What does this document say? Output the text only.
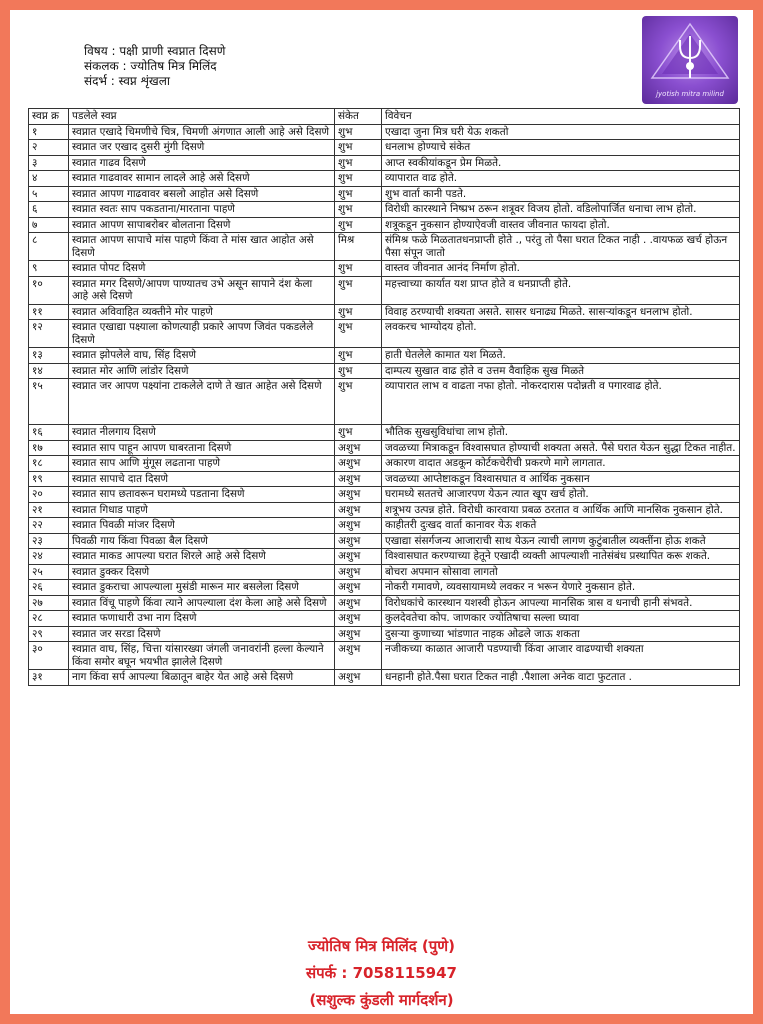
विषय : पक्षी प्राणी स्वप्नात दिसणे
संकलक : ज्योतिष मित्र मिलिंद
संदर्भ : स्वप्न शृंखला
jyotish mitra milind
स्वप्न क्र	पडलेले स्वप्न	संकेत	विवेचन
१	स्वप्नात एखादे चिमणीचे चित्र, चिमणी अंगणात आली आहे असे दिसणे	शुभ	एखादा जुना मित्र घरी येऊ शकतो
२	स्वप्नात जर एखाद दुसरी मुंगी दिसणे	शुभ	धनलाभ होण्याचे संकेत
३	स्वप्नात गाढव दिसणे	शुभ	आप्त स्वकीयांकडून प्रेम मिळते.
४	स्वप्नात गाढवावर सामान लादले आहे असे दिसणे	शुभ	व्यापारात वाढ होते.
५	स्वप्नात आपण गाढवावर बसलो आहोत असे दिसणे	शुभ	शुभ वार्ता कानी पडते.
६	स्वप्नात स्वतः साप पकडताना/मारताना पाहणे	शुभ	विरोधी कारस्थाने निष्प्रभ ठरून शत्रूवर विजय होतो. वडिलोपार्जित धनाचा लाभ होतो.
७	स्वप्नात आपण सापाबरोबर बोलताना दिसणे	शुभ	शत्रूकडून नुकसान होण्याऐवजी वास्तव जीवनात फायदा होतो.
८	स्वप्नात आपण सापाचे मांस पाहणे किंवा ते मांस खात आहोत असे दिसणे	मिश्र	संमिश्र फळे मिळतातधनप्राप्ती होते ., परंतु तो पैसा घरात टिकत नाही . .वायफळ खर्च होऊन पैसा संपून जातो
९	स्वप्नात पोपट दिसणे	शुभ	वास्तव जीवनात आनंद निर्माण होतो.
१०	स्वप्नात मगर दिसणे/आपण पाण्यातच उभे असून सापाने दंश केला आहे असे दिसणे	शुभ	महत्त्वाच्या कार्यात यश प्राप्त होते व धनप्राप्ती होते.
११	स्वप्नात अविवाहित व्यक्तीने मोर पाहणे	शुभ	विवाह ठरण्याची शक्यता असते. सासर धनाढ्य मिळते. सासऱ्यांकडून धनलाभ होतो.
१२	स्वप्नात एखाद्या पक्ष्याला कोणत्याही प्रकारे आपण जिवंत पकडलेले दिसणे	शुभ	लवकरच भाग्योदय होतो.
१३	स्वप्नात झोपलेले वाघ, सिंह दिसणे	शुभ	हाती घेतलेले कामात यश मिळते.
१४	स्वप्नात मोर आणि लांडोर दिसणे	शुभ	दाम्पत्य सुखात वाढ होते व उत्तम वैवाहिक सुख मिळते
१५	स्वप्नात जर आपण पक्ष्यांना टाकलेले दाणे ते खात आहेत असे दिसणे	शुभ	व्यापारात लाभ व वाढता नफा होतो. नोकरदारास पदोन्नती व पगारवाढ होते.
१६	स्वप्नात नीलगाय दिसणे	शुभ	भौतिक सुखसुविधांचा लाभ होतो.
१७	स्वप्नात साप पाहून आपण घाबरताना दिसणे	अशुभ	जवळच्या मित्राकडून विश्वासघात होण्याची शक्यता असते. पैसे घरात येऊन सुद्धा टिकत नाहीत.
१८	स्वप्नात साप आणि मुंगूस लढताना पाहणे	अशुभ	अकारण वादात अडकून कोर्टकचेरीची प्रकरणे मागे लागतात.
१९	स्वप्नात सापाचे दात दिसणे	अशुभ	जवळच्या आप्तेष्टाकडून विश्वासघात व आर्थिक नुकसान
२०	स्वप्नात साप छतावरून घरामध्ये पडताना दिसणे	अशुभ	घरामध्ये सततचे आजारपण येऊन त्यात खूप खर्च होतो.
२१	स्वप्नात गिधाड पाहणे	अशुभ	शत्रूभय उत्पन्न होते. विरोधी कारवाया प्रबळ ठरतात व आर्थिक आणि मानसिक नुकसान होते.
२२	स्वप्नात पिवळी मांजर दिसणे	अशुभ	काहीतरी दुःखद वार्ता कानावर येऊ शकते
२३	पिवळी गाय किंवा पिवळा बैल दिसणे	अशुभ	एखाद्या संसर्गजन्य आजाराची साथ येऊन त्याची लागण कुटुंबातील व्यक्तींना होऊ शकते
२४	स्वप्नात माकड आपल्या घरात शिरले आहे असे दिसणे	अशुभ	विश्वासघात करण्याच्या हेतूने एखादी व्यक्ती आपल्याशी नातेसंबंध प्रस्थापित करू शकते.
२५	स्वप्नात डुक्कर दिसणे	अशुभ	बोचरा अपमान सोसावा लागतो
२६	स्वप्नात डुकराचा आपल्याला मुसंडी मारून मार बसलेला दिसणे	अशुभ	नोकरी गमावणे, व्यवसायामध्ये लवकर न भरून येणारे नुकसान होते.
२७	स्वप्नात विंचू पाहणे किंवा त्याने आपल्याला दंश केला आहे असे दिसणे	अशुभ	विरोधकांचे कारस्थान यशस्वी होऊन आपल्या मानसिक त्रास व धनाची हानी संभवते.
२८	स्वप्नात फणाधारी उभा नाग दिसणे	अशुभ	कुलदेवतेचा कोप. जाणकार ज्योतिषाचा सल्ला घ्यावा
२९	स्वप्नात जर सरडा दिसणे	अशुभ	दुसऱ्या कुणाच्या भांडणात नाहक ओढले जाऊ शकता
३०	स्वप्नात वाघ, सिंह, चित्ता यांसारख्या जंगली जनावरांनी हल्ला केल्याने किंवा समोर बघून भयभीत झालेले दिसणे	अशुभ	नजीकच्या काळात आजारी पडण्याची किंवा आजार वाढण्याची शक्यता
३१	नाग किंवा सर्प आपल्या बिळातून बाहेर येत आहे असे दिसणे	अशुभ	धनहानी होते.पैसा घरात टिकत नाही .पैशाला अनेक वाटा फुटतात .
ज्योतिष मित्र मिलिंद (पुणे)
संपर्क : 7058115947
(सशुल्क कुंडली मार्गदर्शन)
